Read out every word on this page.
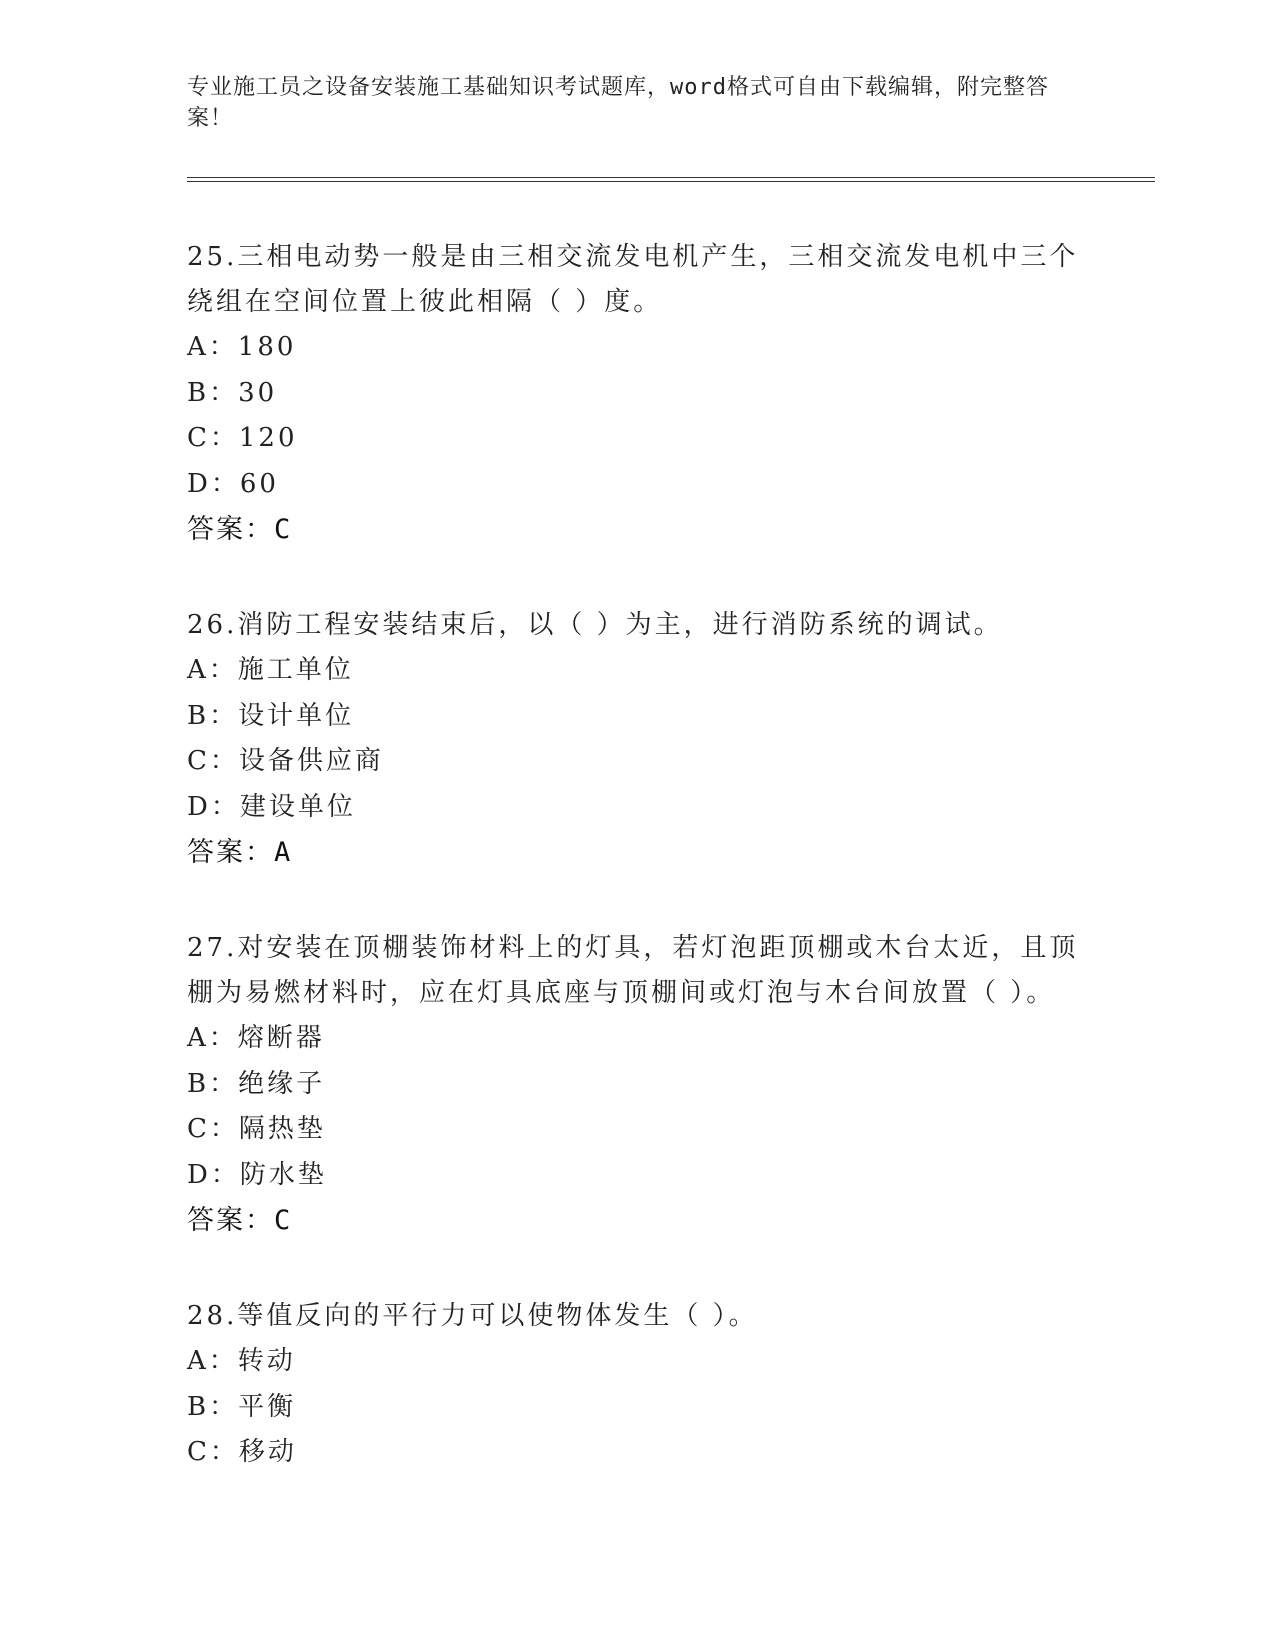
专业施工员之设备安装施工基础知识考试题库，word格式可自由下载编辑，附完整答案！

25.三相电动势一般是由三相交流发电机产生，三相交流发电机中三个绕组在空间位置上彼此相隔（ ）度。

A：180
B：30
C：120
D：60
答案：C

26.消防工程安装结束后，以（ ）为主，进行消防系统的调试。

A：施工单位
B：设计单位
C：设备供应商
D：建设单位
答案：A

27.对安装在顶棚装饰材料上的灯具，若灯泡距顶棚或木台太近，且顶棚为易燃材料时，应在灯具底座与顶棚间或灯泡与木台间放置（ ）。

A：熔断器
B：绝缘子
C：隔热垫
D：防水垫
答案：C

28.等值反向的平行力可以使物体发生（ ）。

A：转动
B：平衡
C：移动
